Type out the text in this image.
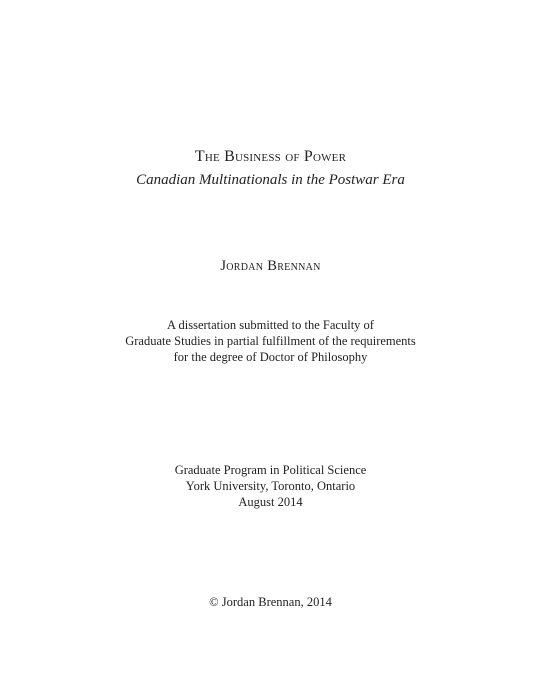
The Business of Power
Canadian Multinationals in the Postwar Era
Jordan Brennan
A dissertation submitted to the Faculty of
Graduate Studies in partial fulfillment of the requirements
for the degree of Doctor of Philosophy
Graduate Program in Political Science
York University, Toronto, Ontario
August 2014
© Jordan Brennan, 2014
